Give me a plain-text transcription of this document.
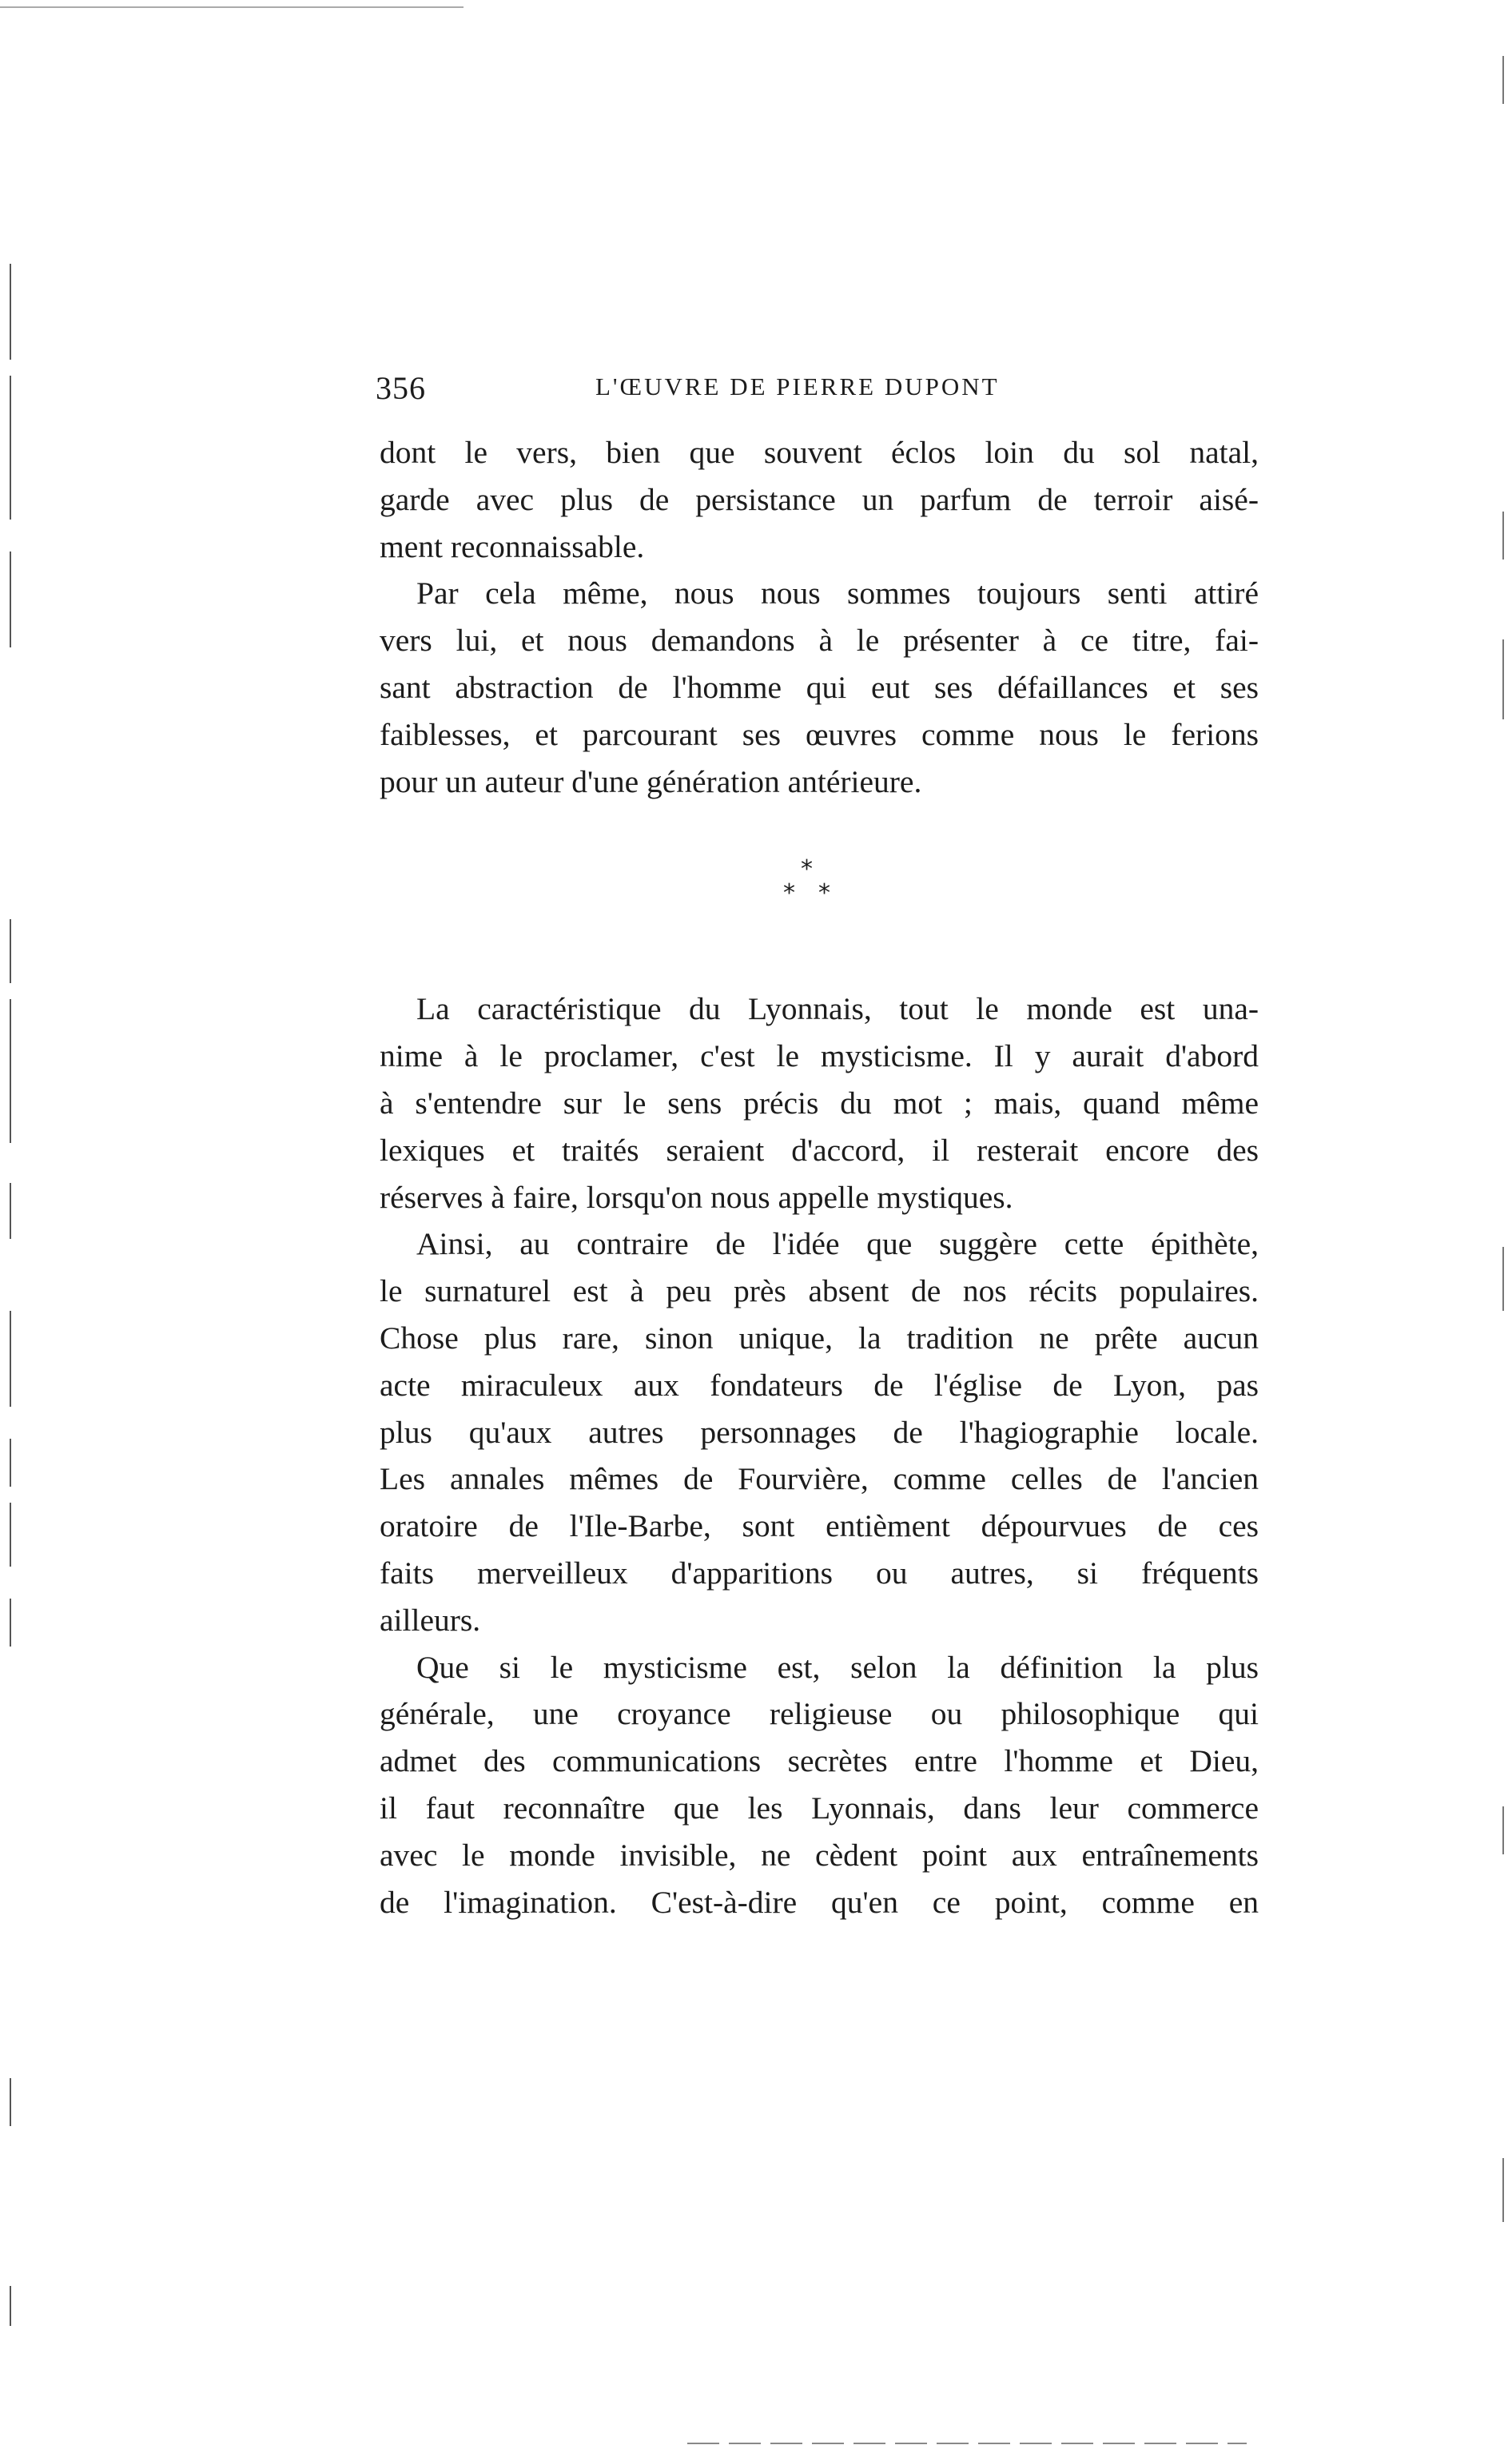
356	L'ŒUVRE DE PIERRE DUPONT
dont le vers, bien que souvent éclos loin du sol natal,
garde avec plus de persistance un parfum de terroir aisé-
ment reconnaissable.
Par cela même, nous nous sommes toujours senti attiré
vers lui, et nous demandons à le présenter à ce titre, fai-
sant abstraction de l'homme qui eut ses défaillances et ses
faiblesses, et parcourant ses œuvres comme nous le ferions
pour un auteur d'une génération antérieure.
*
* *
La caractéristique du Lyonnais, tout le monde est una-
nime à le proclamer, c'est le mysticisme. Il y aurait d'abord
à s'entendre sur le sens précis du mot ; mais, quand même
lexiques et traités seraient d'accord, il resterait encore des
réserves à faire, lorsqu'on nous appelle mystiques.
Ainsi, au contraire de l'idée que suggère cette épithète,
le surnaturel est à peu près absent de nos récits populaires.
Chose plus rare, sinon unique, la tradition ne prête aucun
acte miraculeux aux fondateurs de l'église de Lyon, pas
plus qu'aux autres personnages de l'hagiographie locale.
Les annales mêmes de Fourvière, comme celles de l'ancien
oratoire de l'Ile-Barbe, sont entièment dépourvues de ces
faits merveilleux d'apparitions ou autres, si fréquents
ailleurs.
Que si le mysticisme est, selon la définition la plus
générale, une croyance religieuse ou philosophique qui
admet des communications secrètes entre l'homme et Dieu,
il faut reconnaître que les Lyonnais, dans leur commerce
avec le monde invisible, ne cèdent point aux entraînements
de l'imagination. C'est-à-dire qu'en ce point, comme en
